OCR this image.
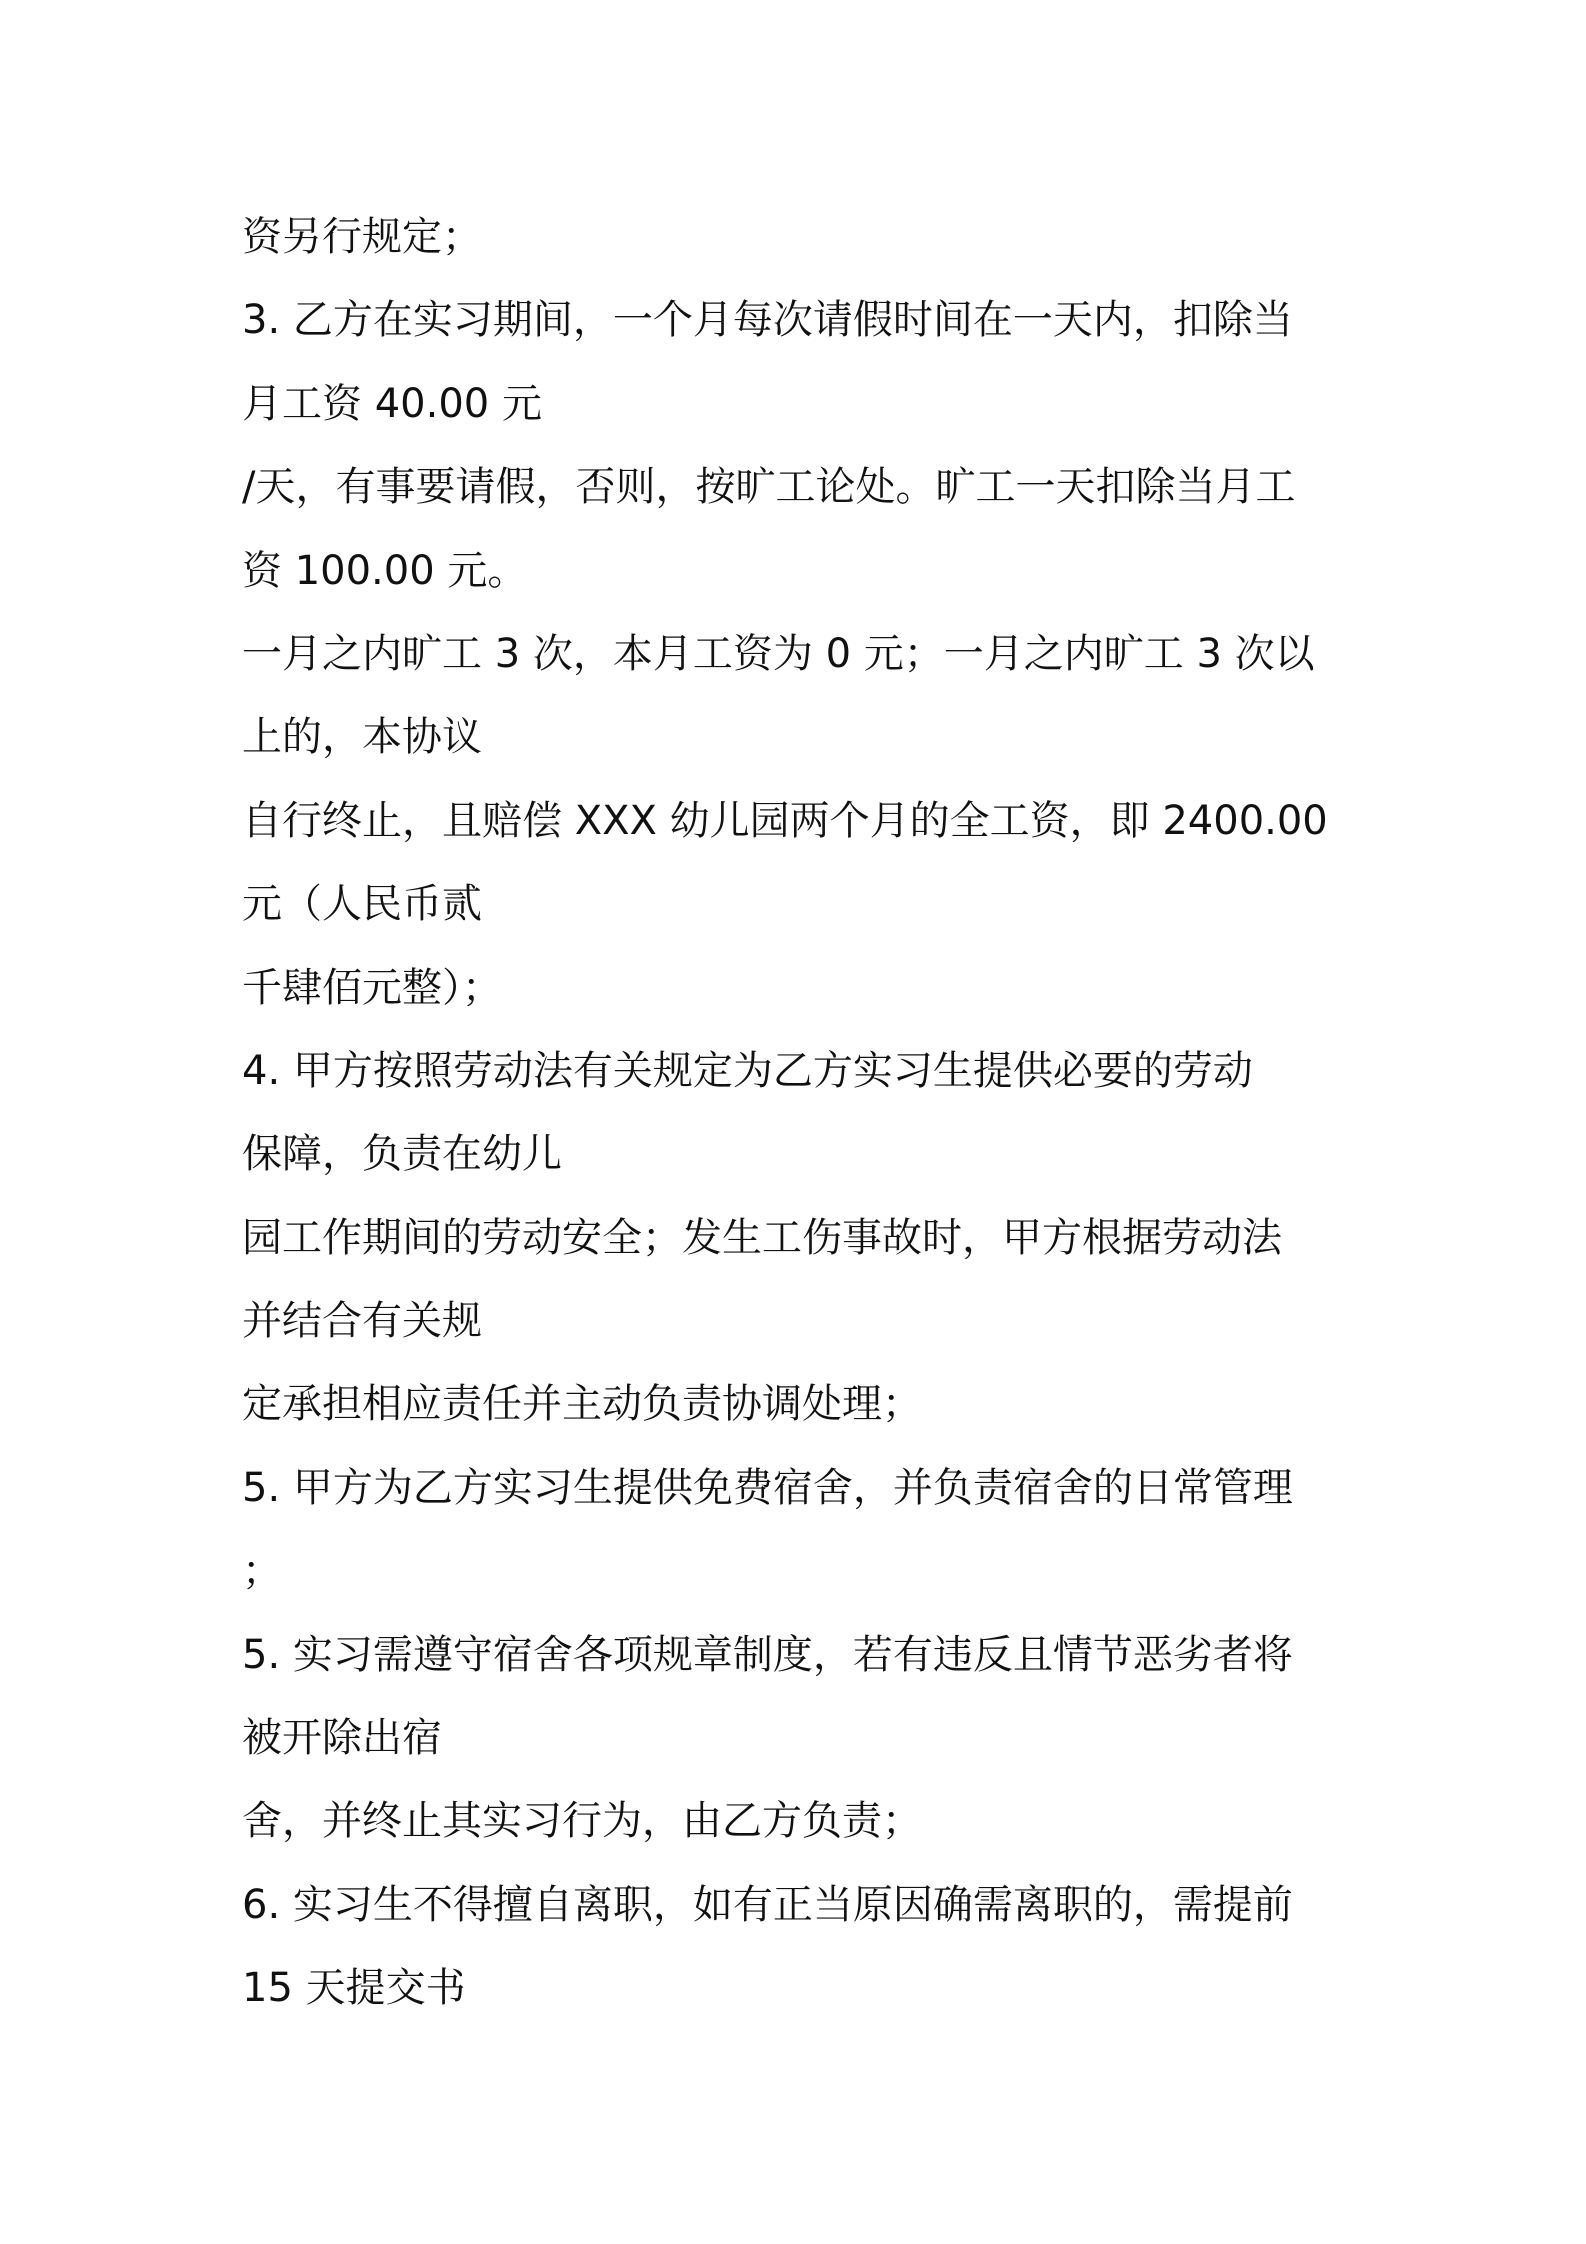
资另行规定；
3. 乙方在实习期间，一个月每次请假时间在一天内，扣除当
月工资 40.00 元
/天，有事要请假，否则，按旷工论处。旷工一天扣除当月工
资 100.00 元。
一月之内旷工 3 次，本月工资为 0 元；一月之内旷工 3 次以
上的，本协议
自行终止，且赔偿 XXX 幼儿园两个月的全工资，即 2400.00
元（人民币贰
千肆佰元整）；
4. 甲方按照劳动法有关规定为乙方实习生提供必要的劳动
保障，负责在幼儿
园工作期间的劳动安全；发生工伤事故时，甲方根据劳动法
并结合有关规
定承担相应责任并主动负责协调处理；
5. 甲方为乙方实习生提供免费宿舍，并负责宿舍的日常管理
；
5. 实习需遵守宿舍各项规章制度，若有违反且情节恶劣者将
被开除出宿
舍，并终止其实习行为，由乙方负责；
6. 实习生不得擅自离职，如有正当原因确需离职的，需提前
15 天提交书
